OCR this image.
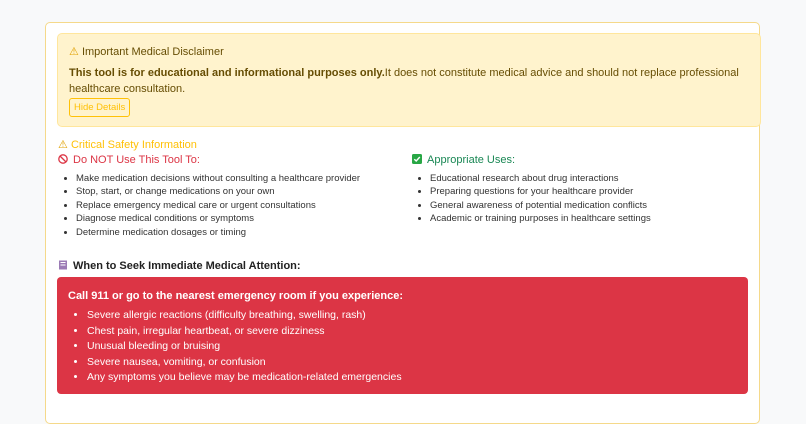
⚠ Important Medical Disclaimer

This tool is for educational and informational purposes only.It does not constitute medical advice and should not replace professional healthcare consultation.

Hide Details
⚠ Critical Safety Information
Do NOT Use This Tool To:
• Make medication decisions without consulting a healthcare provider
• Stop, start, or change medications on your own
• Replace emergency medical care or urgent consultations
• Diagnose medical conditions or symptoms
• Determine medication dosages or timing
Appropriate Uses:
• Educational research about drug interactions
• Preparing questions for your healthcare provider
• General awareness of potential medication conflicts
• Academic or training purposes in healthcare settings
When to Seek Immediate Medical Attention:
Call 911 or go to the nearest emergency room if you experience:
• Severe allergic reactions (difficulty breathing, swelling, rash)
• Chest pain, irregular heartbeat, or severe dizziness
• Unusual bleeding or bruising
• Severe nausea, vomiting, or confusion
• Any symptoms you believe may be medication-related emergencies
